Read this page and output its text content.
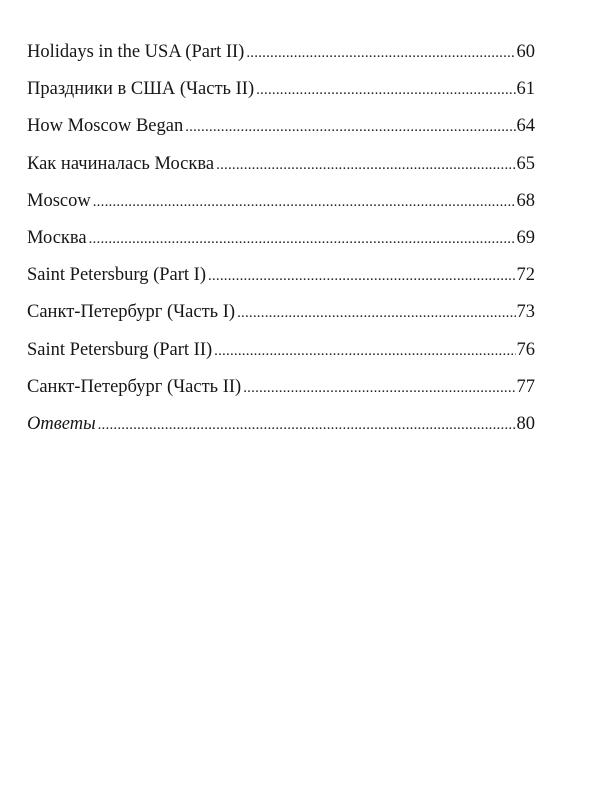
Holidays in the USA (Part II) .....	60
Праздники в США (Часть II) .....	61
How Moscow Began .....	64
Как начиналась Москва .....	65
Moscow .....	68
Москва .....	69
Saint Petersburg (Part I) .....	72
Санкт-Петербург (Часть I) .....	73
Saint Petersburg (Part II) .....	76
Санкт-Петербург (Часть II) .....	77
Ответы .....	80
